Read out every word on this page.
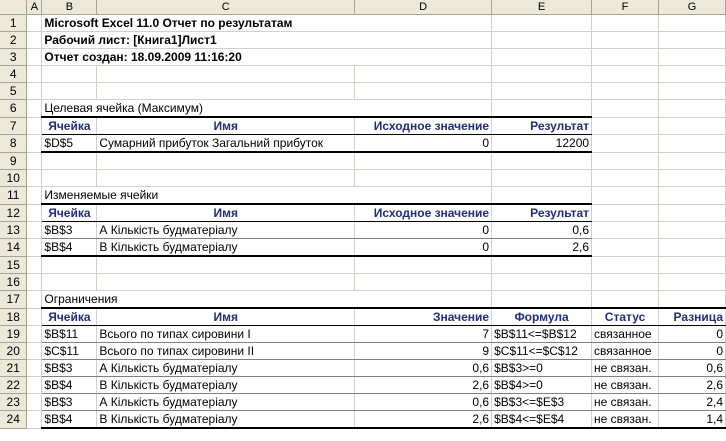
	A	B	C	D	E	F	G
1		Microsoft Excel 11.0 Отчет по результатам					
2		Рабочий лист: [Книга1]Лист1					
3		Отчет создан: 18.09.2009 11:16:20					
4							
5							
6		Целевая ячейка (Максимум)					
7		Ячейка	Имя	Исходное значение	Результат		
8		$D$5	Сумарний прибуток Загальний прибуток	0	12200		
9							
10							
11		Изменяемые ячейки					
12		Ячейка	Имя	Исходное значение	Результат		
13		$B$3	А Кількість будматеріалу	0	0,6		
14		$B$4	В Кількість будматеріалу	0	2,6		
15							
16							
17		Ограничения					
18		Ячейка	Имя	Значение	Формула	Статус	Разница
19		$B$11	Всього по типах сировини І	7	$B$11<=$B$12	связанное	0
20		$C$11	Всього по типах сировини ІІ	9	$C$11<=$C$12	связанное	0
21		$B$3	А Кількість будматеріалу	0,6	$B$3>=0	не связан.	0,6
22		$B$4	В Кількість будматеріалу	2,6	$B$4>=0	не связан.	2,6
23		$B$3	А Кількість будматеріалу	0,6	$B$3<=$E$3	не связан.	2,4
24		$B$4	В Кількість будматеріалу	2,6	$B$4<=$E$4	не связан.	1,4
